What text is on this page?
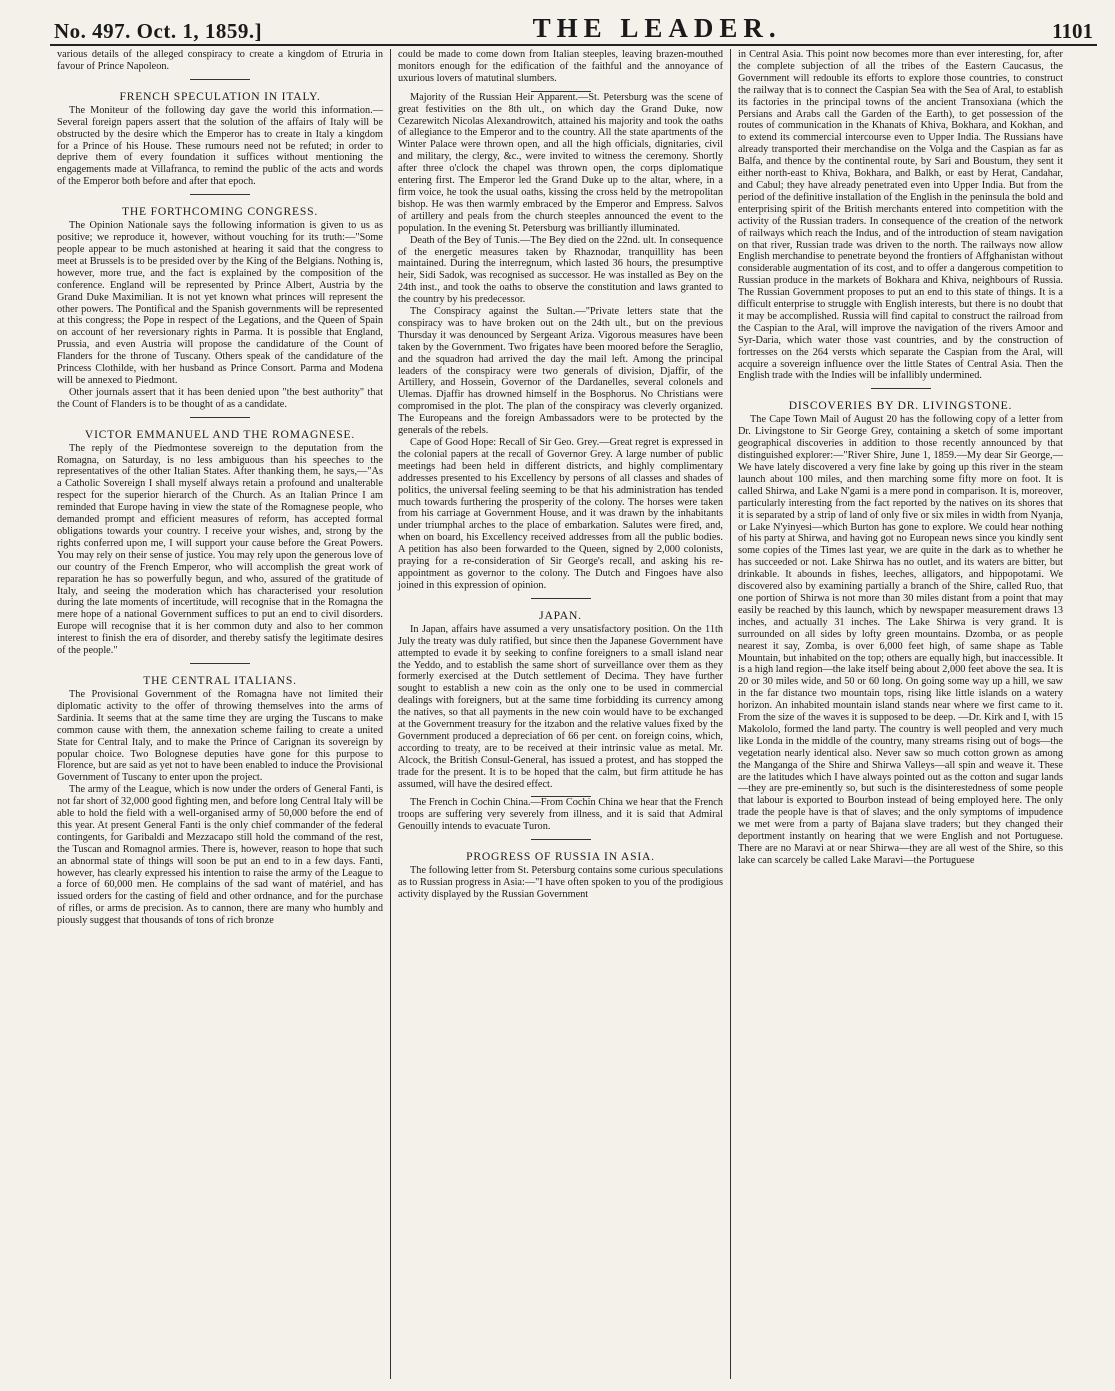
No. 497. Oct. 1, 1859.]	THE LEADER.	1101

various details of the alleged conspiracy to create a kingdom of Etruria in favour of Prince Napoleon.

FRENCH SPECULATION IN ITALY.

The Moniteur of the following day gave the world this information.—Several foreign papers assert that the solution of the affairs of Italy will be obstructed by the desire which the Emperor has to create in Italy a kingdom for a Prince of his House. These rumours need not be refuted; in order to deprive them of every foundation it suffices without mentioning the engagements made at Villafranca, to remind the public of the acts and words of the Emperor both before and after that epoch.

THE FORTHCOMING CONGRESS.

The Opinion Nationale says the following information is given to us as positive; we reproduce it, however, without vouching for its truth:—"Some people appear to be much astonished at hearing it said that the congress to meet at Brussels is to be presided over by the King of the Belgians. Nothing is, however, more true, and the fact is explained by the composition of the conference. England will be represented by Prince Albert, Austria by the Grand Duke Maximilian. It is not yet known what princes will represent the other powers. The Pontifical and the Spanish governments will be represented at this congress; the Pope in respect of the Legations, and the Queen of Spain on account of her reversionary rights in Parma. It is possible that England, Prussia, and even Austria will propose the candidature of the Count of Flanders for the throne of Tuscany. Others speak of the candidature of the Princess Clothilde, with her husband as Prince Consort. Parma and Modena will be annexed to Piedmont.

Other journals assert that it has been denied upon "the best authority" that the Count of Flanders is to be thought of as a candidate.

VICTOR EMMANUEL AND THE ROMAGNESE.

The reply of the Piedmontese sovereign to the deputation from the Romagna, on Saturday, is no less ambiguous than his speeches to the representatives of the other Italian States. After thanking them, he says,—"As a Catholic Sovereign I shall myself always retain a profound and unalterable respect for the superior hierarch of the Church. As an Italian Prince I am reminded that Europe having in view the state of the Romagnese people, who demanded prompt and efficient measures of reform, has accepted formal obligations towards your country. I receive your wishes, and, strong by the rights conferred upon me, I will support your cause before the Great Powers. You may rely on their sense of justice. You may rely upon the generous love of our country of the French Emperor, who will accomplish the great work of reparation he has so powerfully begun, and who, assured of the gratitude of Italy, and seeing the moderation which has characterised your resolution during the late moments of incertitude, will recognise that in the Romagna the mere hope of a national Government suffices to put an end to civil disorders. Europe will recognise that it is her common duty and also to her common interest to finish the era of disorder, and thereby satisfy the legitimate desires of the people."

THE CENTRAL ITALIANS.

The Provisional Government of the Romagna have not limited their diplomatic activity to the offer of throwing themselves into the arms of Sardinia. It seems that at the same time they are urging the Tuscans to make common cause with them, the annexation scheme failing to create a united State for Central Italy, and to make the Prince of Carignan its sovereign by popular choice. Two Bolognese deputies have gone for this purpose to Florence, but are said as yet not to have been enabled to induce the Provisional Government of Tuscany to enter upon the project.

The army of the League, which is now under the orders of General Fanti, is not far short of 32,000 good fighting men, and before long Central Italy will be able to hold the field with a well-organised army of 50,000 before the end of this year. At present General Fanti is the only chief commander of the federal contingents, for Garibaldi and Mezzacapo still hold the command of the rest, the Tuscan and Romagnol armies. There is, however, reason to hope that such an abnormal state of things will soon be put an end to in a few days. Fanti, however, has clearly expressed his intention to raise the army of the League to a force of 60,000 men. He complains of the sad want of matériel, and has issued orders for the casting of field and other ordnance, and for the purchase of rifles, or arms de precision. As to cannon, there are many who humbly and piously suggest that thousands of tons of rich bronze

could be made to come down from Italian steeples, leaving brazen-mouthed monitors enough for the edification of the faithful and the annoyance of uxurious lovers of matutinal slumbers.

Majority of the Russian Heir Apparent.—St. Petersburg was the scene of great festivities on the 8th ult., on which day the Grand Duke, now Cezarewitch Nicolas Alexandrowitch, attained his majority and took the oaths of allegiance to the Emperor and to the country. All the state apartments of the Winter Palace were thrown open, and all the high officials, dignitaries, civil and military, the clergy, &c., were invited to witness the ceremony. Shortly after three o'clock the chapel was thrown open, the corps diplomatique entering first. The Emperor led the Grand Duke up to the altar, where, in a firm voice, he took the usual oaths, kissing the cross held by the metropolitan bishop. He was then warmly embraced by the Emperor and Empress. Salvos of artillery and peals from the church steeples announced the event to the population. In the evening St. Petersburg was brilliantly illuminated.

Death of the Bey of Tunis.—The Bey died on the 22nd. ult. In consequence of the energetic measures taken by Rhaznodar, tranquillity has been maintained. During the interregnum, which lasted 36 hours, the presumptive heir, Sidi Sadok, was recognised as successor. He was installed as Bey on the 24th inst., and took the oaths to observe the constitution and laws granted to the country by his predecessor.

The Conspiracy against the Sultan.—"Private letters state that the conspiracy was to have broken out on the 24th ult., but on the previous Thursday it was denounced by Sergeant Ariza. Vigorous measures have been taken by the Government. Two frigates have been moored before the Seraglio, and the squadron had arrived the day the mail left. Among the principal leaders of the conspiracy were two generals of division, Djaffir, of the Artillery, and Hossein, Governor of the Dardanelles, several colonels and Ulemas. Djaffir has drowned himself in the Bosphorus. No Christians were compromised in the plot. The plan of the conspiracy was cleverly organized. The Europeans and the foreign Ambassadors were to be protected by the generals of the rebels.

Cape of Good Hope: Recall of Sir Geo. Grey.—Great regret is expressed in the colonial papers at the recall of Governor Grey. A large number of public meetings had been held in different districts, and highly complimentary addresses presented to his Excellency by persons of all classes and shades of politics, the universal feeling seeming to be that his administration has tended much towards furthering the prosperity of the colony. The horses were taken from his carriage at Government House, and it was drawn by the inhabitants under triumphal arches to the place of embarkation. Salutes were fired, and, when on board, his Excellency received addresses from all the public bodies. A petition has also been forwarded to the Queen, signed by 2,000 colonists, praying for a re-consideration of Sir George's recall, and asking his re-appointment as governor to the colony. The Dutch and Fingoes have also joined in this expression of opinion.

JAPAN.

In Japan, affairs have assumed a very unsatisfactory position. On the 11th July the treaty was duly ratified, but since then the Japanese Government have attempted to evade it by seeking to confine foreigners to a small island near the Yeddo, and to establish the same short of surveillance over them as they formerly exercised at the Dutch settlement of Decima. They have further sought to establish a new coin as the only one to be used in commercial dealings with foreigners, but at the same time forbidding its currency among the natives, so that all payments in the new coin would have to be exchanged at the Government treasury for the itzabon and the relative values fixed by the Government produced a depreciation of 66 per cent. on foreign coins, which, according to treaty, are to be received at their intrinsic value as metal. Mr. Alcock, the British Consul-General, has issued a protest, and has stopped the trade for the present. It is to be hoped that the calm, but firm attitude he has assumed, will have the desired effect.

The French in Cochin China.—From Cochin China we hear that the French troops are suffering very severely from illness, and it is said that Admiral Genouilly intends to evacuate Turon.

PROGRESS OF RUSSIA IN ASIA.

The following letter from St. Petersburg contains some curious speculations as to Russian progress in Asia:—"I have often spoken to you of the prodigious activity displayed by the Russian Government

in Central Asia. This point now becomes more than ever interesting, for, after the complete subjection of all the tribes of the Eastern Caucasus, the Government will redouble its efforts to explore those countries, to construct the railway that is to connect the Caspian Sea with the Sea of Aral, to establish its factories in the principal towns of the ancient Transoxiana (which the Persians and Arabs call the Garden of the Earth), to get possession of the routes of communication in the Khanats of Khiva, Bokhara, and Kokhan, and to extend its commercial intercourse even to Upper India. The Russians have already transported their merchandise on the Volga and the Caspian as far as Balfa, and thence by the continental route, by Sari and Boustum, they sent it either north-east to Khiva, Bokhara, and Balkh, or east by Herat, Candahar, and Cabul; they have already penetrated even into Upper India. But from the period of the definitive installation of the English in the peninsula the bold and enterprising spirit of the British merchants entered into competition with the activity of the Russian traders. In consequence of the creation of the network of railways which reach the Indus, and of the introduction of steam navigation on that river, Russian trade was driven to the north. The railways now allow English merchandise to penetrate beyond the frontiers of Affghanistan without considerable augmentation of its cost, and to offer a dangerous competition to Russian produce in the markets of Bokhara and Khiva, neighbours of Russia. The Russian Government proposes to put an end to this state of things. It is a difficult enterprise to struggle with English interests, but there is no doubt that it may be accomplished. Russia will find capital to construct the railroad from the Caspian to the Aral, will improve the navigation of the rivers Amoor and Syr-Daria, which water those vast countries, and by the construction of fortresses on the 264 versts which separate the Caspian from the Aral, will acquire a sovereign influence over the little States of Central Asia. Then the English trade with the Indies will be infallibly undermined.

DISCOVERIES BY DR. LIVINGSTONE.

The Cape Town Mail of August 20 has the following copy of a letter from Dr. Livingstone to Sir George Grey, containing a sketch of some important geographical discoveries in addition to those recently announced by that distinguished explorer:—"River Shire, June 1, 1859.—My dear Sir George,—We have lately discovered a very fine lake by going up this river in the steam launch about 100 miles, and then marching some fifty more on foot. It is called Shirwa, and Lake N'gami is a mere pond in comparison. It is, moreover, particularly interesting from the fact reported by the natives on its shores that it is separated by a strip of land of only five or six miles in width from Nyanja, or Lake N'yinyesi—which Burton has gone to explore. We could hear nothing of his party at Shirwa, and having got no European news since you kindly sent some copies of the Times last year, we are quite in the dark as to whether he has succeeded or not. Lake Shirwa has no outlet, and its waters are bitter, but drinkable. It abounds in fishes, leeches, alligators, and hippopotami. We discovered also by examining partially a branch of the Shire, called Ruo, that one portion of Shirwa is not more than 30 miles distant from a point that may easily be reached by this launch, which by newspaper measurement draws 13 inches, and actually 31 inches. The Lake Shirwa is very grand. It is surrounded on all sides by lofty green mountains. Dzomba, or as people nearest it say, Zomba, is over 6,000 feet high, of same shape as Table Mountain, but inhabited on the top; others are equally high, but inaccessible. It is a high land region—the lake itself being about 2,000 feet above the sea. It is 20 or 30 miles wide, and 50 or 60 long. On going some way up a hill, we saw in the far distance two mountain tops, rising like little islands on a watery horizon. An inhabited mountain island stands near where we first came to it. From the size of the waves it is supposed to be deep. —Dr. Kirk and I, with 15 Makololo, formed the land party. The country is well peopled and very much like Londa in the middle of the country, many streams rising out of bogs—the vegetation nearly identical also. Never saw so much cotton grown as among the Manganga of the Shire and Shirwa Valleys—all spin and weave it. These are the latitudes which I have always pointed out as the cotton and sugar lands—they are pre-eminently so, but such is the disinterestedness of some people that labour is exported to Bourbon instead of being employed here. The only trade the people have is that of slaves; and the only symptoms of impudence we met were from a party of Bajana slave traders; but they changed their deportment instantly on hearing that we were English and not Portuguese. There are no Maravi at or near Shirwa—they are all west of the Shire, so this lake can scarcely be called Lake Maravi—the Portuguese
